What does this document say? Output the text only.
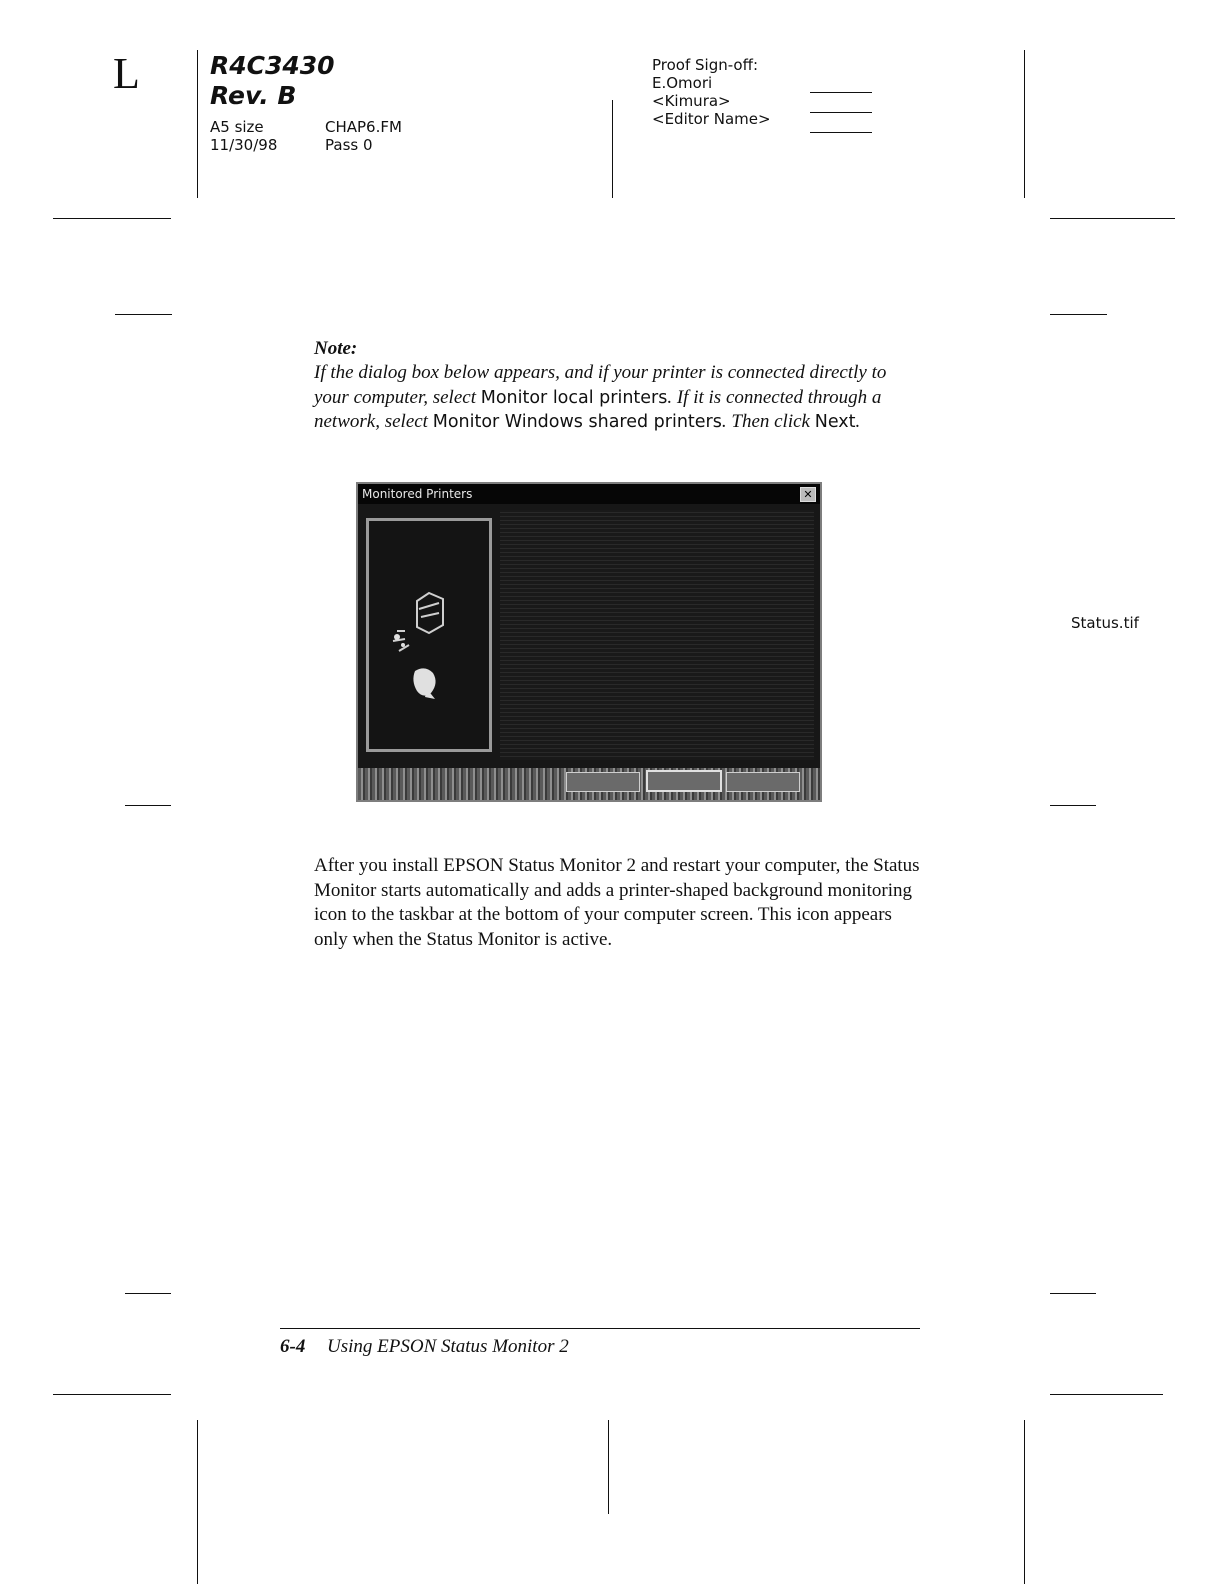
L	R4C3430
Rev. B
A5 size
11/30/98
CHAP6.FM
Pass 0
Proof Sign-off:
E.Omori
<Kimura>
<Editor Name>
Note:
If the dialog box below appears, and if your printer is connected directly to your computer, select Monitor local printers. If it is connected through a network, select Monitor Windows shared printers. Then click Next.
Monitored Printers	✕
Status.tif
After you install EPSON Status Monitor 2 and restart your computer, the Status Monitor starts automatically and adds a printer-shaped background monitoring icon to the taskbar at the bottom of your computer screen. This icon appears only when the Status Monitor is active.
6-4 Using EPSON Status Monitor 2
